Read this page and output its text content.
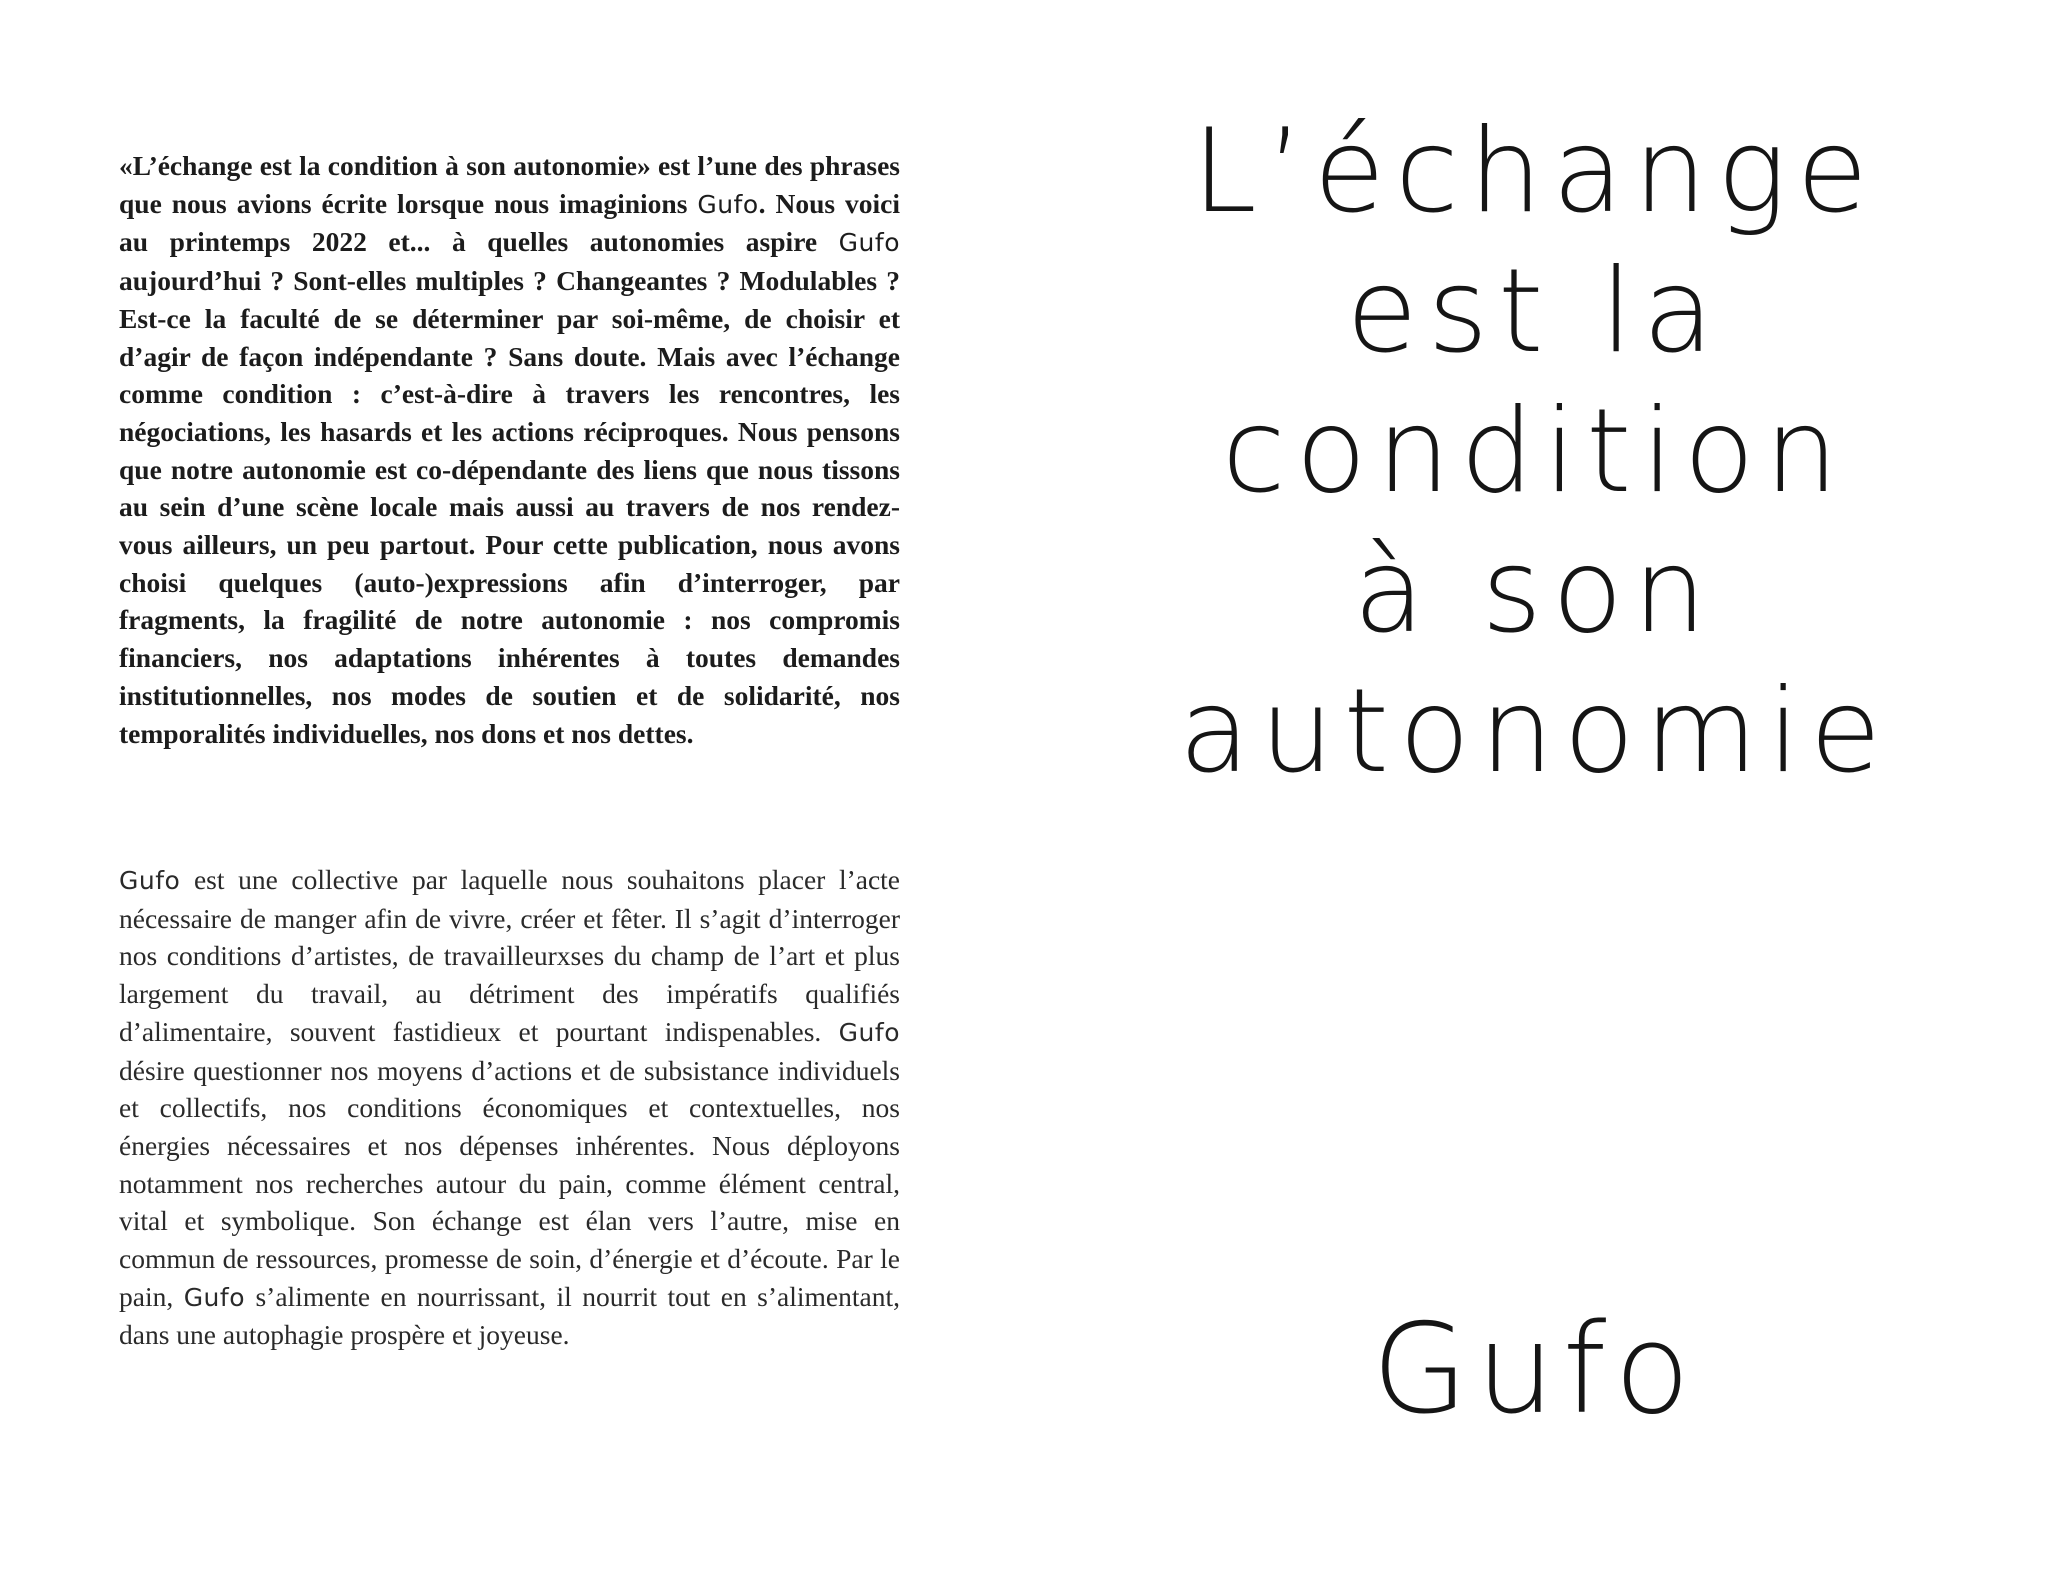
«L’échange est la condition à son autonomie» est l’une des phrases que nous avions écrite lorsque nous imaginions Gufo. Nous voici au printemps 2022 et... à quelles autonomies aspire Gufo aujourd’hui ? Sont-elles multiples ? Changeantes ? Modulables ? Est-ce la faculté de se déterminer par soi-même, de choisir et d’agir de façon indépendante ? Sans doute. Mais avec l’échange comme condition : c’est-à-dire à travers les rencontres, les négociations, les hasards et les actions réciproques. Nous pensons que notre autonomie est co-dépendante des liens que nous tissons au sein d’une scène locale mais aussi au travers de nos rendez-vous ailleurs, un peu partout. Pour cette publication, nous avons choisi quelques (auto-)expressions afin d’interroger, par fragments, la fragilité de notre autonomie : nos compromis financiers, nos adaptations inhérentes à toutes demandes institutionnelles, nos modes de soutien et de solidarité, nos temporalités individuelles, nos dons et nos dettes.

Gufo est une collective par laquelle nous souhaitons placer l’acte nécessaire de manger afin de vivre, créer et fêter. Il s’agit d’interroger nos conditions d’artistes, de travailleurxses du champ de l’art et plus largement du travail, au détriment des impératifs qualifiés d’alimentaire, souvent fastidieux et pourtant indispenables. Gufo désire questionner nos moyens d’actions et de subsistance individuels et collectifs, nos conditions économiques et contextuelles, nos énergies nécessaires et nos dépenses inhérentes. Nous déployons notamment nos recherches autour du pain, comme élément central, vital et symbolique. Son échange est élan vers l’autre, mise en commun de ressources, promesse de soin, d’énergie et d’écoute. Par le pain, Gufo s’alimente en nourrissant, il nourrit tout en s’alimentant, dans une autophagie prospère et joyeuse.

L’échange
est la
condition
à son
autonomie
Gufo
